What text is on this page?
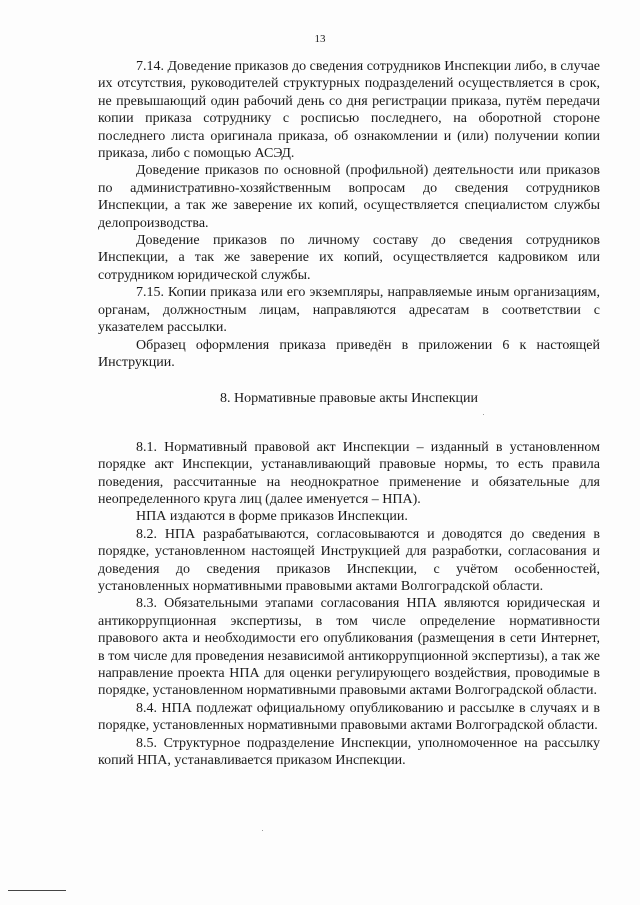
13

7.14. Доведение приказов до сведения сотрудников Инспекции либо, в случае их отсутствия, руководителей структурных подразделений осуществляется в срок, не превышающий один рабочий день со дня регистрации приказа, путём передачи копии приказа сотруднику с росписью последнего, на оборотной стороне последнего листа оригинала приказа, об ознакомлении и (или) получении копии приказа, либо с помощью АСЭД.

Доведение приказов по основной (профильной) деятельности или приказов по административно-хозяйственным вопросам до сведения сотрудников Инспекции, а так же заверение их копий, осуществляется специалистом службы делопроизводства.

Доведение приказов по личному составу до сведения сотрудников Инспекции, а так же заверение их копий, осуществляется кадровиком или сотрудником юридической службы.

7.15. Копии приказа или его экземпляры, направляемые иным организациям, органам, должностным лицам, направляются адресатам в соответствии с указателем рассылки.

Образец оформления приказа приведён в приложении 6 к настоящей Инструкции.

8. Нормативные правовые акты Инспекции

8.1. Нормативный правовой акт Инспекции – изданный в установленном порядке акт Инспекции, устанавливающий правовые нормы, то есть правила поведения, рассчитанные на неоднократное применение и обязательные для неопределенного круга лиц (далее именуется – НПА).

НПА издаются в форме приказов Инспекции.

8.2. НПА разрабатываются, согласовываются и доводятся до сведения в порядке, установленном настоящей Инструкцией для разработки, согласования и доведения до сведения приказов Инспекции, с учётом особенностей, установленных нормативными правовыми актами Волгоградской области.

8.3. Обязательными этапами согласования НПА являются юридическая и антикоррупционная экспертизы, в том числе определение нормативности правового акта и необходимости его опубликования (размещения в сети Интернет, в том числе для проведения независимой антикоррупционной экспертизы), а так же направление проекта НПА для оценки регулирующего воздействия, проводимые в порядке, установленном нормативными правовыми актами Волгоградской области.

8.4. НПА подлежат официальному опубликованию и рассылке в случаях и в порядке, установленных нормативными правовыми актами Волгоградской области.

8.5. Структурное подразделение Инспекции, уполномоченное на рассылку копий НПА, устанавливается приказом Инспекции.
